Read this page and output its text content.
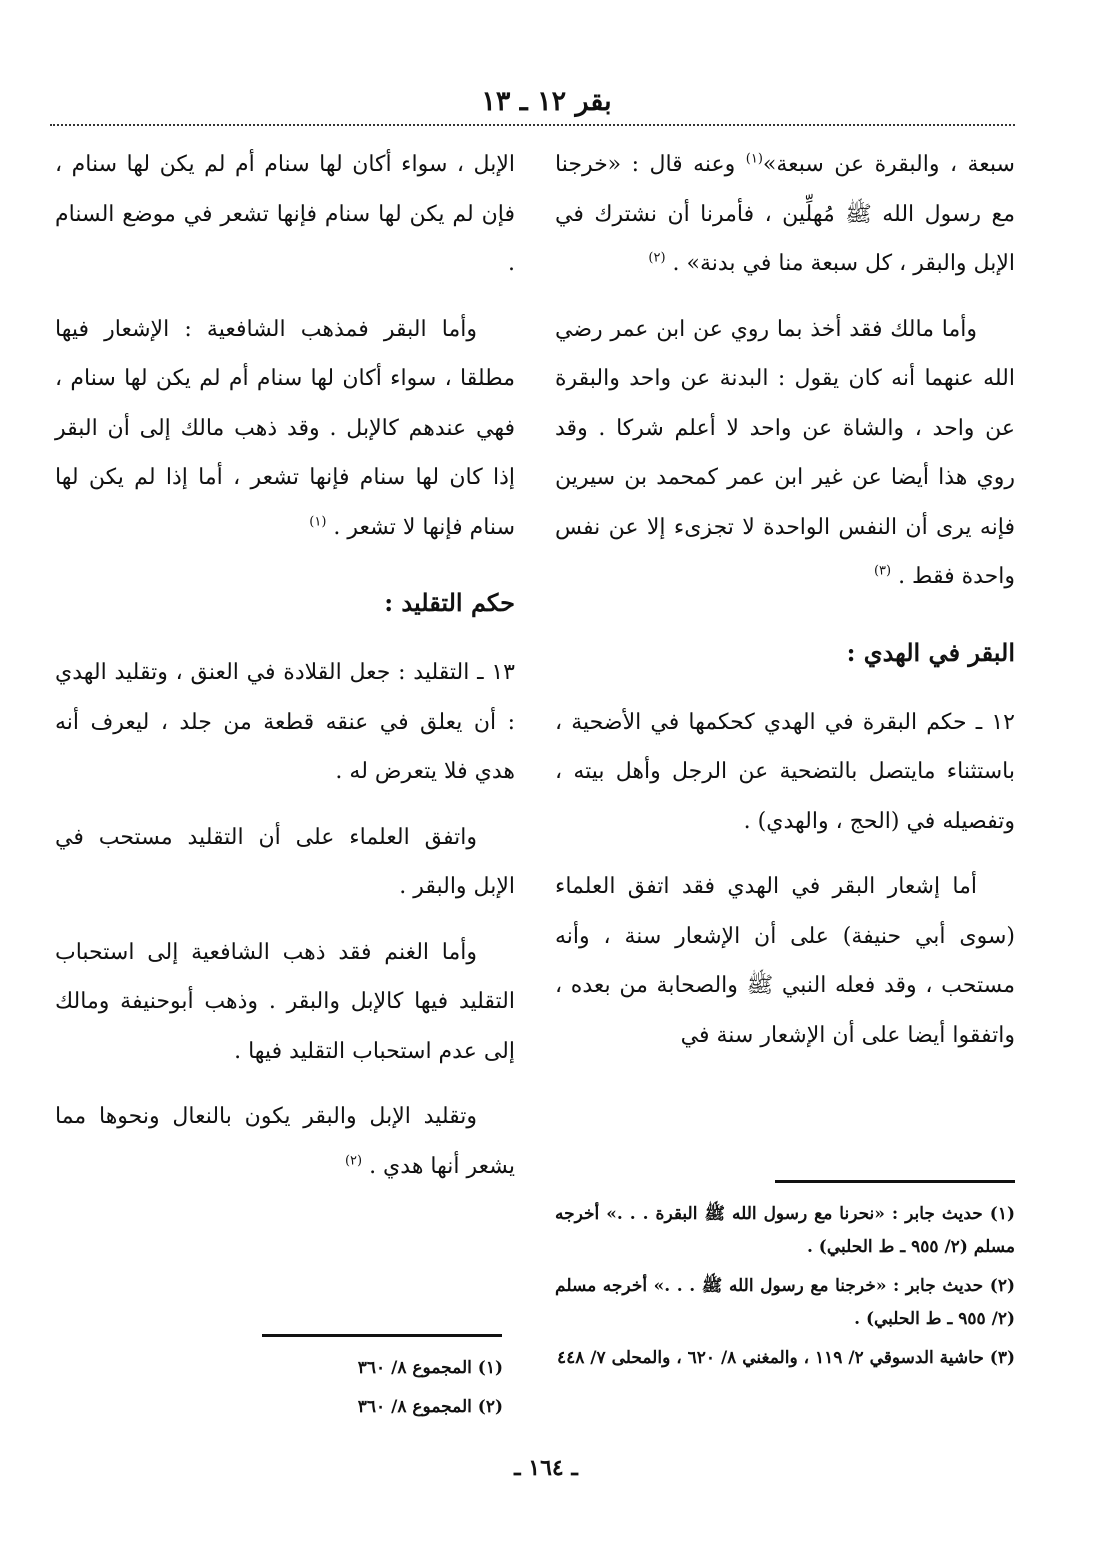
بقر ١٢ ـ ١٣

سبعة ، والبقرة عن سبعة»$^{(١)}$ وعنه قال : «خرجنا مع رسول الله ﷺ مُهلِّين ، فأمرنا أن نشترك في الإبل والبقر ، كل سبعة منا في بدنة» . $^{(٢)}$

وأما مالك فقد أخذ بما روي عن ابن عمر رضي الله عنهما أنه كان يقول : البدنة عن واحد والبقرة عن واحد ، والشاة عن واحد لا أعلم شركا . وقد روي هذا أيضا عن غير ابن عمر كمحمد بن سيرين فإنه يرى أن النفس الواحدة لا تجزىء إلا عن نفس واحدة فقط . $^{(٣)}$

البقر في الهدي :

١٢ ـ حكم البقرة في الهدي كحكمها في الأضحية ، باستثناء مايتصل بالتضحية عن الرجل وأهل بيته ، وتفصيله في (الحج ، والهدي) .

أما إشعار البقر في الهدي فقد اتفق العلماء (سوى أبي حنيفة) على أن الإشعار سنة ، وأنه مستحب ، وقد فعله النبي ﷺ والصحابة من بعده ، واتفقوا أيضا على أن الإشعار سنة في

الإبل ، سواء أكان لها سنام أم لم يكن لها سنام ، فإن لم يكن لها سنام فإنها تشعر في موضع السنام .

وأما البقر فمذهب الشافعية : الإشعار فيها مطلقا ، سواء أكان لها سنام أم لم يكن لها سنام ، فهي عندهم كالإبل . وقد ذهب مالك إلى أن البقر إذا كان لها سنام فإنها تشعر ، أما إذا لم يكن لها سنام فإنها لا تشعر . $^{(١)}$

حكم التقليد :

١٣ ـ التقليد : جعل القلادة في العنق ، وتقليد الهدي : أن يعلق في عنقه قطعة من جلد ، ليعرف أنه هدي فلا يتعرض له .

واتفق العلماء على أن التقليد مستحب في الإبل والبقر .

وأما الغنم فقد ذهب الشافعية إلى استحباب التقليد فيها كالإبل والبقر . وذهب أبوحنيفة ومالك إلى عدم استحباب التقليد فيها .

وتقليد الإبل والبقر يكون بالنعال ونحوها مما يشعر أنها هدي . $^{(٢)}$

(١) حديث جابر : «نحرنا مع رسول الله ﷺ البقرة . . .» أخرجه مسلم (٢/ ٩٥٥ ـ ط الحلبي) .

(٢) حديث جابر : «خرجنا مع رسول الله ﷺ . . .» أخرجه مسلم (٢/ ٩٥٥ ـ ط الحلبي) .

(٣) حاشية الدسوقي ٢/ ١١٩ ، والمغني ٨/ ٦٢٠ ، والمحلى ٧/ ٤٤٨

(١) المجموع ٨/ ٣٦٠

(٢) المجموع ٨/ ٣٦٠

ـ ١٦٤ ـ
